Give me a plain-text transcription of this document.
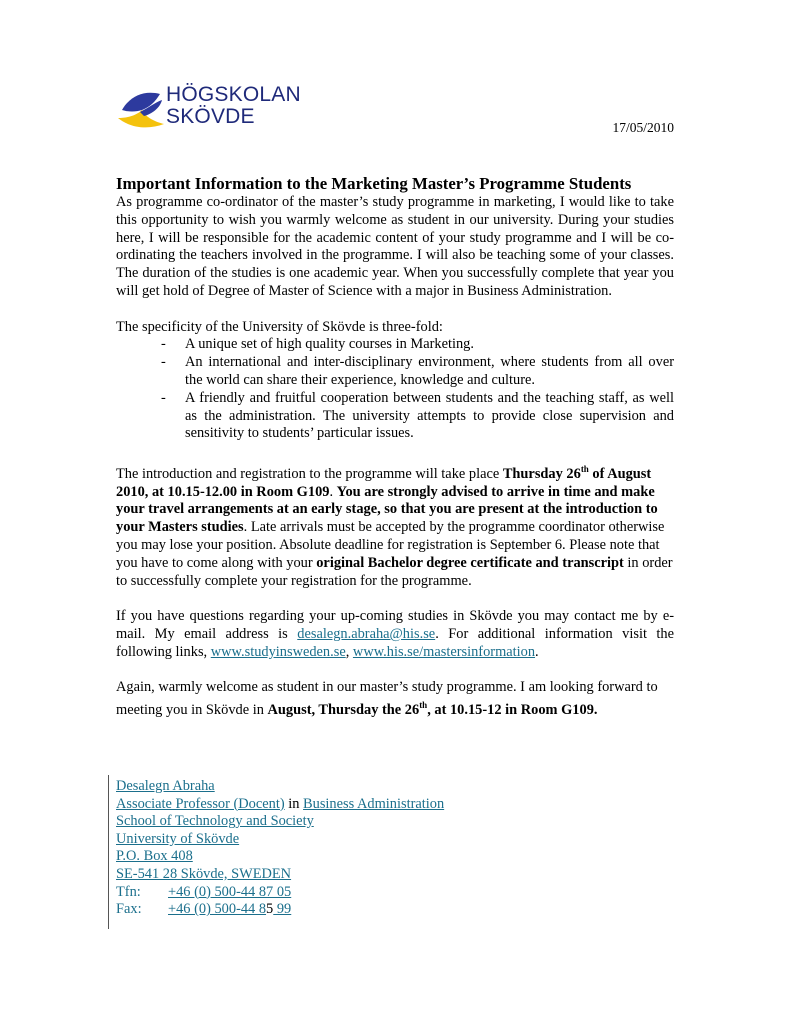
HÖGSKOLAN
SKÖVDE	17/05/2010
Important Information to the Marketing Master’s Programme Students

As programme co-ordinator of the master’s study programme in marketing, I would like to take this opportunity to wish you warmly welcome as student in our university. During your studies here, I will be responsible for the academic content of your study programme and I will be co-ordinating the teachers involved in the programme. I will also be teaching some of your classes. The duration of the studies is one academic year. When you successfully complete that year you will get hold of Degree of Master of Science with a major in Business Administration.

The specificity of the University of Skövde is three-fold:

- A unique set of high quality courses in Marketing.
- An international and inter-disciplinary environment, where students from all over the world can share their experience, knowledge and culture.
- A friendly and fruitful cooperation between students and the teaching staff, as well as the administration. The university attempts to provide close supervision and sensitivity to students’ particular issues.

The introduction and registration to the programme will take place Thursday 26th of August 2010, at 10.15-12.00 in Room G109. You are strongly advised to arrive in time and make your travel arrangements at an early stage, so that you are present at the introduction to your Masters studies. Late arrivals must be accepted by the programme coordinator otherwise you may lose your position. Absolute deadline for registration is September 6. Please note that you have to come along with your original Bachelor degree certificate and transcript in order to successfully complete your registration for the programme.

If you have questions regarding your up-coming studies in Skövde you may contact me by e-mail. My email address is desalegn.abraha@his.se. For additional information visit the following links, www.studyinsweden.se, www.his.se/mastersinformation.

Again, warmly welcome as student in our master’s study programme. I am looking forward to meeting you in Skövde in August, Thursday the 26th, at 10.15-12 in Room G109.

Desalegn Abraha
Associate Professor (Docent) in Business Administration
School of Technology and Society
University of Skövde
P.O. Box 408
SE-541 28 Skövde, SWEDEN
Tfn: +46 (0) 500-44 87 05
Fax: +46 (0) 500-44 85 99
